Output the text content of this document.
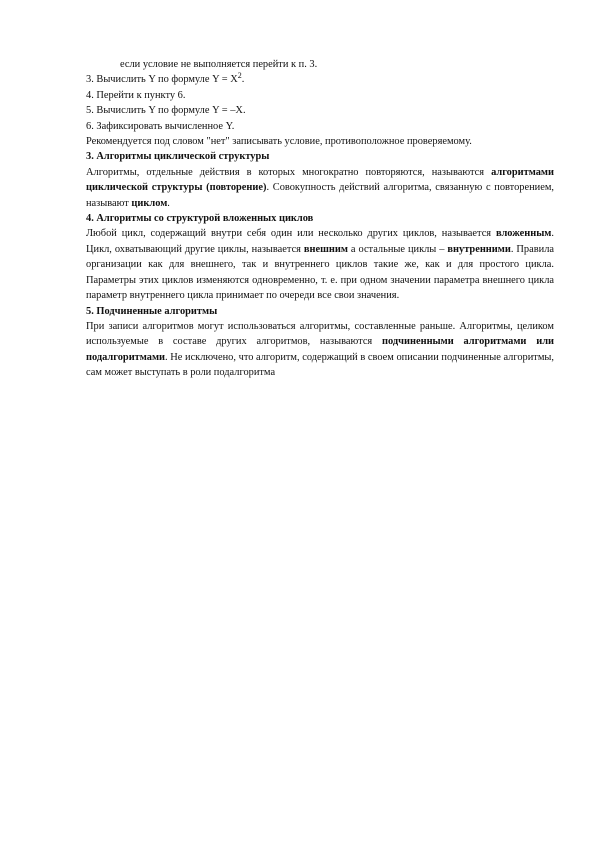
если условие не выполняется перейти к п. 3.
3. Вычислить Y по формуле $Y = X^2$.
4. Перейти к пункту 6.
5. Вычислить Y по формуле Y = –X.
6. Зафиксировать вычисленное Y.
Рекомендуется под словом "нет" записывать условие, противоположное проверяемому.
3. Алгоритмы циклической структуры
Алгоритмы, отдельные действия в которых многократно повторяются, называются алгоритмами циклической структуры (повторение). Совокупность действий алгоритма, связанную с повторением, называют циклом.
4. Алгоритмы со структурой вложенных циклов
Любой цикл, содержащий внутри себя один или несколько других циклов, называется вложенным. Цикл, охватывающий другие циклы, называется внешним а остальные циклы – внутренними. Правила организации как для внешнего, так и внутреннего циклов такие же, как и для простого цикла. Параметры этих циклов изменяются одновременно, т. е. при одном значении параметра внешнего цикла параметр внутреннего цикла принимает по очереди все свои значения.
5. Подчиненные алгоритмы
При записи алгоритмов могут использоваться алгоритмы, составленные раньше. Алгоритмы, целиком используемые в составе других алгоритмов, называются подчиненными алгоритмами или подалгоритмами. Не исключено, что алгоритм, содержащий в своем описании подчиненные алгоритмы, сам может выступать в роли подалгоритма
